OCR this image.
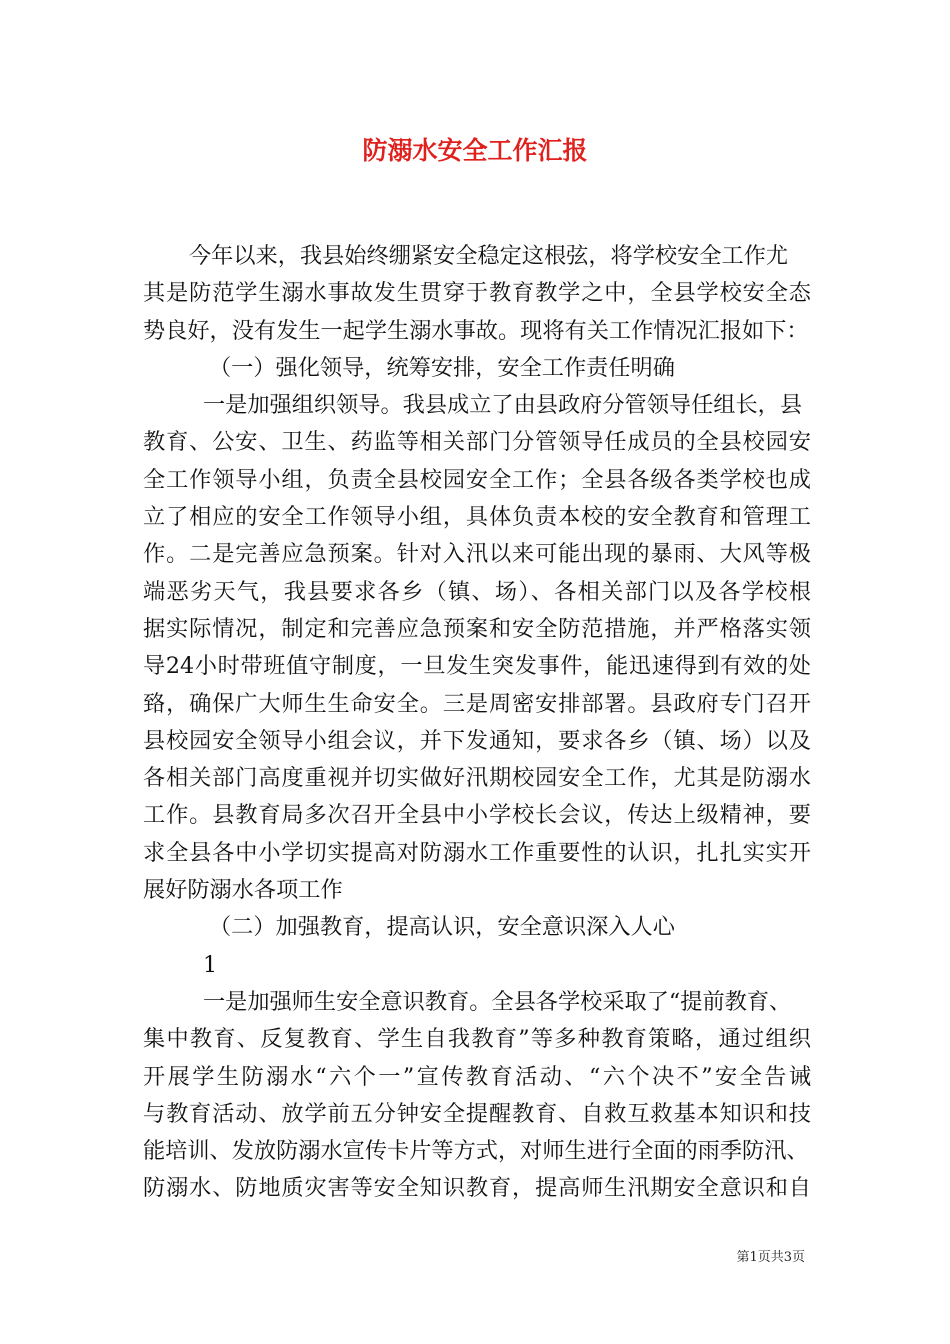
防溺水安全工作汇报
今年以来，我县始终绷紧安全稳定这根弦，将学校安全工作尤
其是防范学生溺水事故发生贯穿于教育教学之中，全县学校安全态
势良好，没有发生一起学生溺水事故。现将有关工作情况汇报如下：
（一）强化领导，统筹安排，安全工作责任明确
一是加强组织领导。我县成立了由县政府分管领导任组长，县
教育、公安、卫生、药监等相关部门分管领导任成员的全县校园安
全工作领导小组，负责全县校园安全工作；全县各级各类学校也成
立了相应的安全工作领导小组，具体负责本校的安全教育和管理工
作。二是完善应急预案。针对入汛以来可能出现的暴雨、大风等极
端恶劣天气，我县要求各乡（镇、场）、各相关部门以及各学校根
据实际情况，制定和完善应急预案和安全防范措施，并严格落实领
导24小时带班值守制度，一旦发生突发事件，能迅速得到有效的处
臵，确保广大师生生命安全。三是周密安排部署。县政府专门召开
县校园安全领导小组会议，并下发通知，要求各乡（镇、场）以及
各相关部门高度重视并切实做好汛期校园安全工作，尤其是防溺水
工作。县教育局多次召开全县中小学校长会议，传达上级精神，要
求全县各中小学切实提高对防溺水工作重要性的认识，扎扎实实开
展好防溺水各项工作
（二）加强教育，提高认识，安全意识深入人心
1
一是加强师生安全意识教育。全县各学校采取了“提前教育、
集中教育、反复教育、学生自我教育”等多种教育策略，通过组织
开展学生防溺水“六个一”宣传教育活动、“六个决不”安全告诫
与教育活动、放学前五分钟安全提醒教育、自救互救基本知识和技
能培训、发放防溺水宣传卡片等方式，对师生进行全面的雨季防汛、
防溺水、防地质灾害等安全知识教育，提高师生汛期安全意识和自
第1页共3页
